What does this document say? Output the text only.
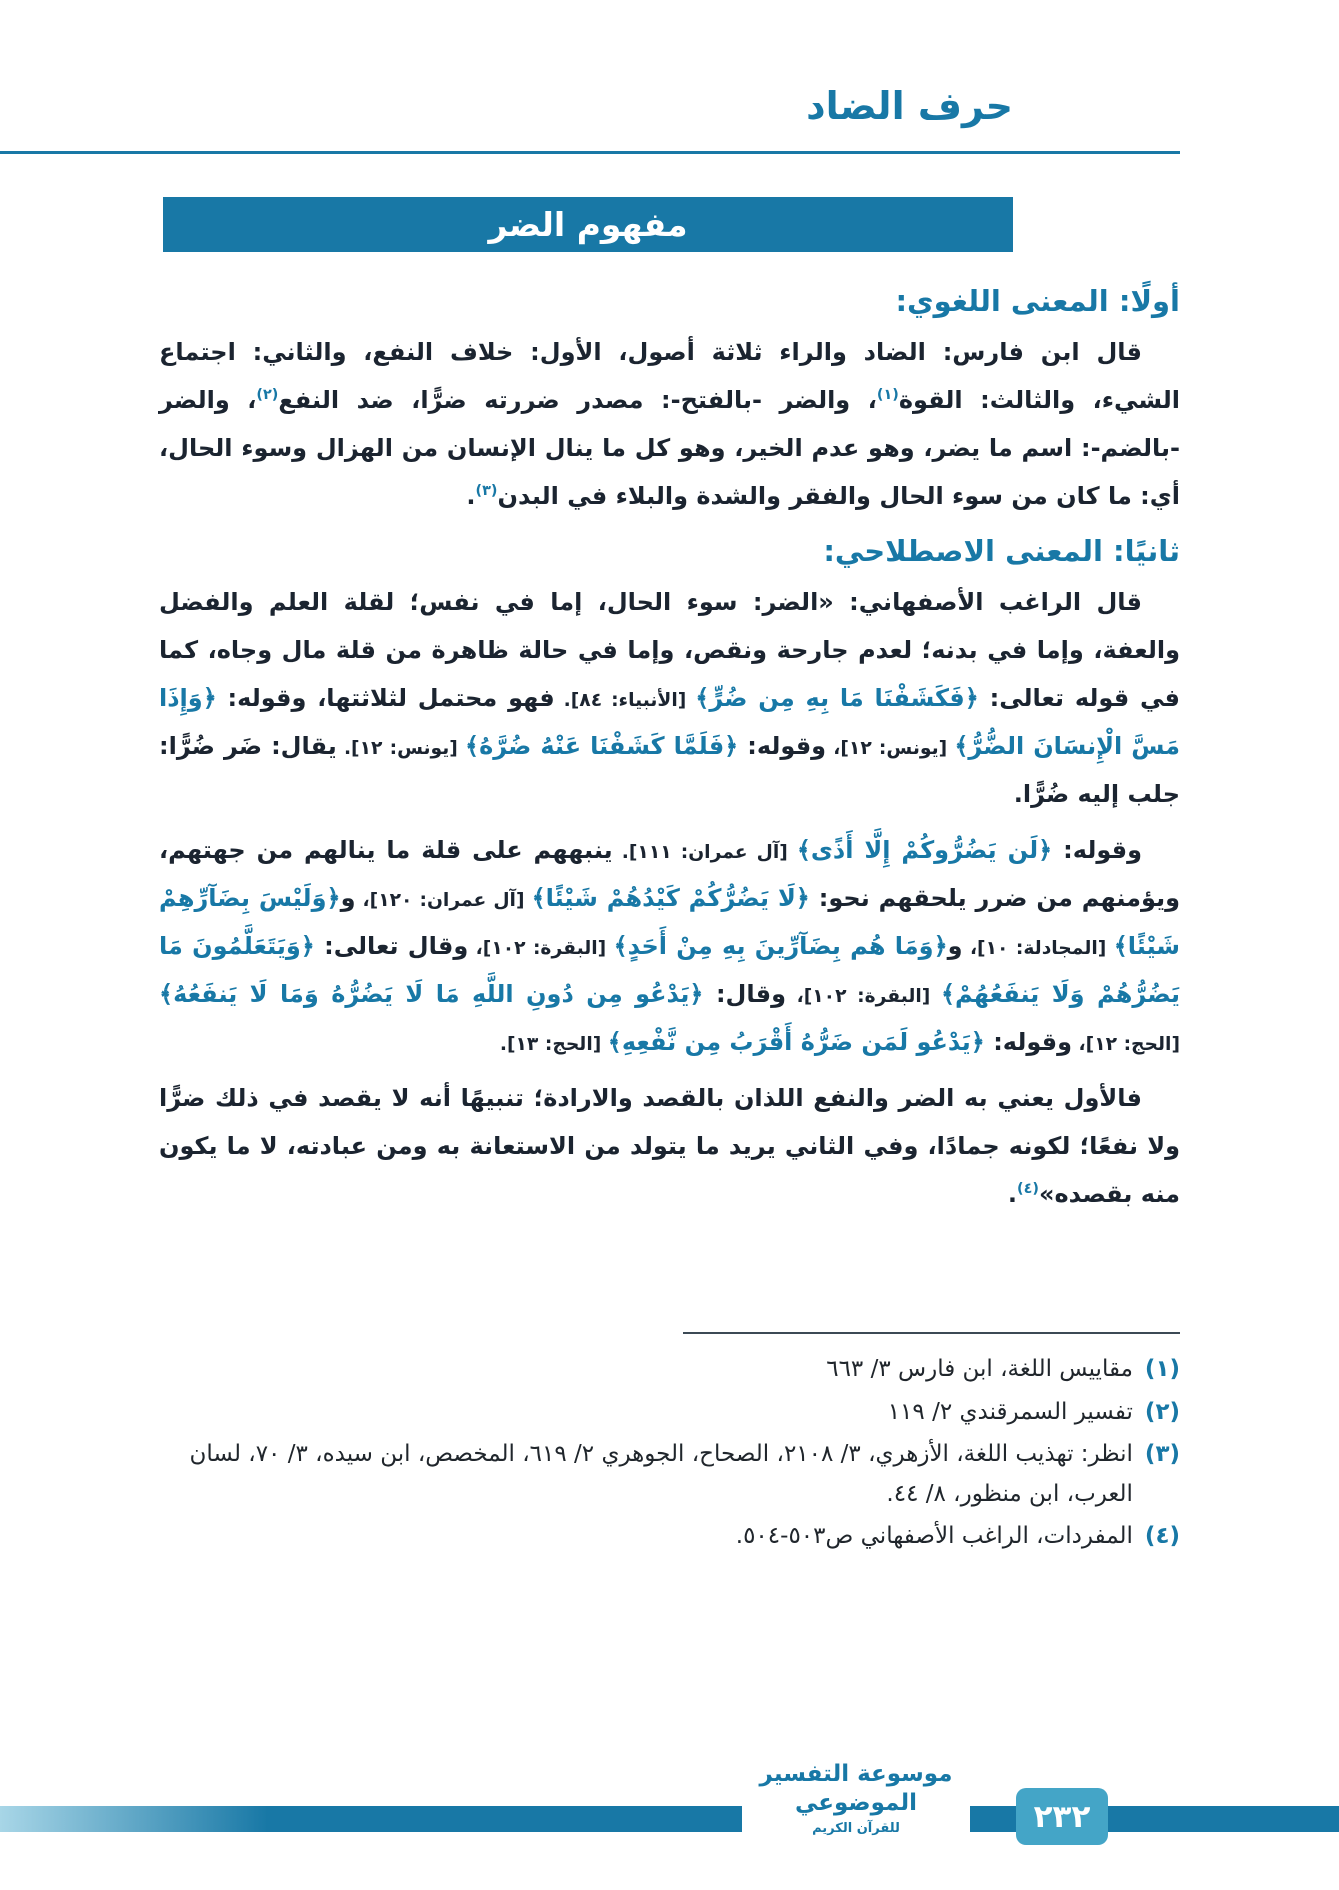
حرف الضاد
مفهوم الضر
أولًا: المعنى اللغوي:

قال ابن فارس: الضاد والراء ثلاثة أصول، الأول: خلاف النفع، والثاني: اجتماع الشيء، والثالث: القوة$^{(١)}$، والضر -بالفتح-: مصدر ضررته ضرًّا، ضد النفع$^{(٢)}$، والضر -بالضم-: اسم ما يضر، وهو عدم الخير، وهو كل ما ينال الإنسان من الهزال وسوء الحال، أي: ما كان من سوء الحال والفقر والشدة والبلاء في البدن$^{(٣)}$.

ثانيًا: المعنى الاصطلاحي:

قال الراغب الأصفهاني: «الضر: سوء الحال، إما في نفس؛ لقلة العلم والفضل والعفة، وإما في بدنه؛ لعدم جارحة ونقص، وإما في حالة ظاهرة من قلة مال وجاه، كما في قوله تعالى: ﴿فَكَشَفْنَا مَا بِهِ مِن ضُرٍّ﴾ [الأنبياء: ٨٤]. فهو محتمل لثلاثتها، وقوله: ﴿وَإِذَا مَسَّ الْإِنسَانَ الضُّرُّ﴾ [يونس: ١٢]، وقوله: ﴿فَلَمَّا كَشَفْنَا عَنْهُ ضُرَّهُ﴾ [يونس: ١٢]. يقال: ضَر ضُرًّا: جلب إليه ضُرًّا.

وقوله: ﴿لَن يَضُرُّوكُمْ إِلَّا أَذًى﴾ [آل عمران: ١١١]. ينبههم على قلة ما ينالهم من جهتهم، ويؤمنهم من ضرر يلحقهم نحو: ﴿لَا يَضُرُّكُمْ كَيْدُهُمْ شَيْئًا﴾ [آل عمران: ١٢٠]، و﴿وَلَيْسَ بِضَآرِّهِمْ شَيْئًا﴾ [المجادلة: ١٠]، و﴿وَمَا هُم بِضَآرِّينَ بِهِ مِنْ أَحَدٍ﴾ [البقرة: ١٠٢]، وقال تعالى: ﴿وَيَتَعَلَّمُونَ مَا يَضُرُّهُمْ وَلَا يَنفَعُهُمْ﴾ [البقرة: ١٠٢]، وقال: ﴿يَدْعُو مِن دُونِ اللَّهِ مَا لَا يَضُرُّهُ وَمَا لَا يَنفَعُهُ﴾ [الحج: ١٢]، وقوله: ﴿يَدْعُو لَمَن ضَرُّهُ أَقْرَبُ مِن نَّفْعِهِ﴾ [الحج: ١٣].

فالأول يعني به الضر والنفع اللذان بالقصد والارادة؛ تنبيهًا أنه لا يقصد في ذلك ضرًّا ولا نفعًا؛ لكونه جمادًا، وفي الثاني يريد ما يتولد من الاستعانة به ومن عبادته، لا ما يكون منه بقصده»$^{(٤)}$.

(١)
مقاييس اللغة، ابن فارس ٣/ ٦٦٣
(٢)
تفسير السمرقندي ٢/ ١١٩
(٣)
انظر: تهذيب اللغة، الأزهري، ٣/ ٢١٠٨، الصحاح، الجوهري ٢/ ٦١٩، المخصص، ابن سيده، ٣/ ٧٠، لسان العرب، ابن منظور، ٨/ ٤٤.
(٤)
المفردات، الراغب الأصفهاني ص٥٠٣-٥٠٤.
موسوعة التفسير الموضوعي
للقرآن الكريم	٢٣٢
